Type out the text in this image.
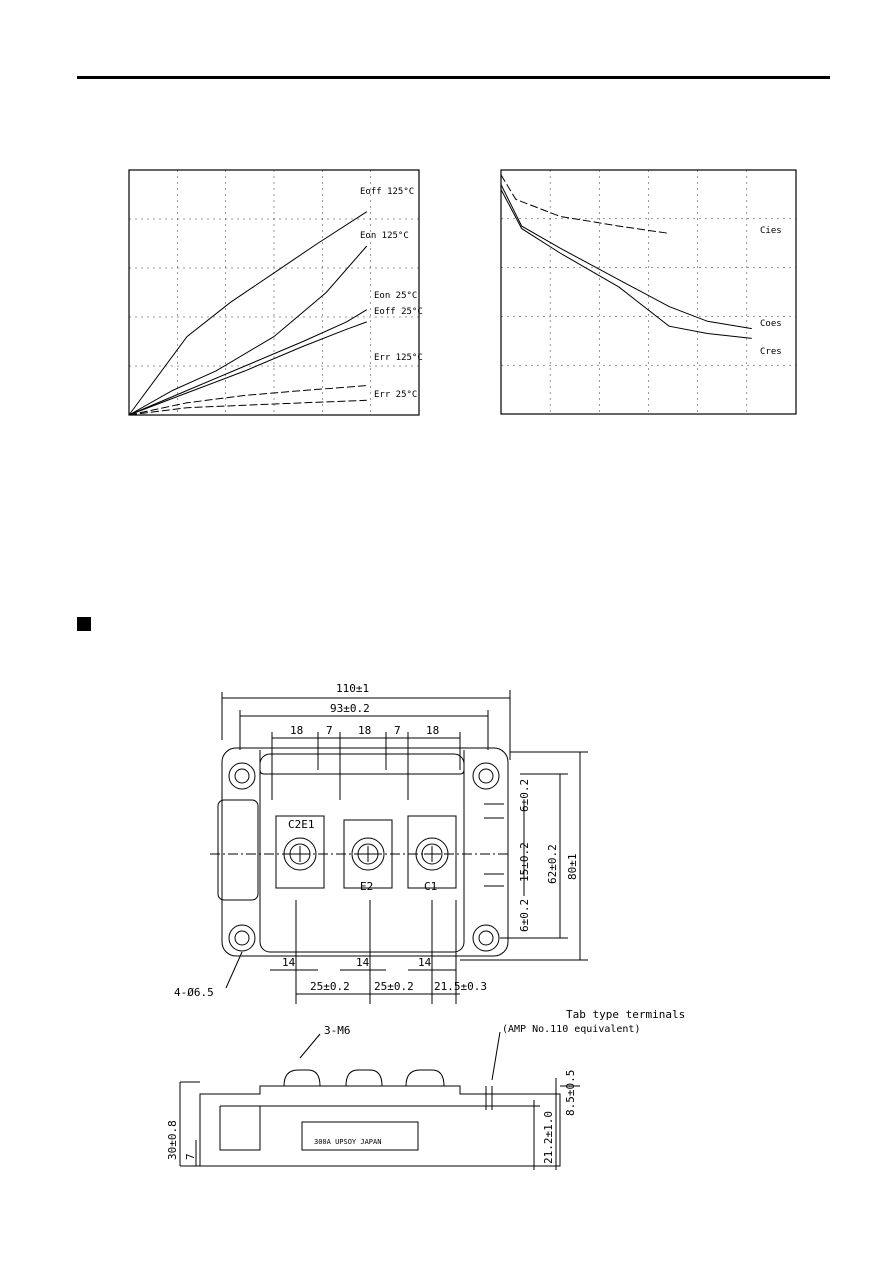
Eoff 125°C
Eon 125°C
Eon 25°C
Eoff 25°C
Err 125°C
Err 25°C
Cies
Coes
Cres
110±1
93±0.2
18 7 18 7 18
C2E1
E2	C1
14	14	14
25±0.2 25±0.2 21.5±0.3
4-Ø6.5
6±0.2
15±0.2 62±0.2 80±1
6±0.2
3-M6
Tab type terminals
(AMP No.110 equivalent)
30±0.8 7
8.5±0.5
21.2±1.0
300A UPSOY JAPAN
